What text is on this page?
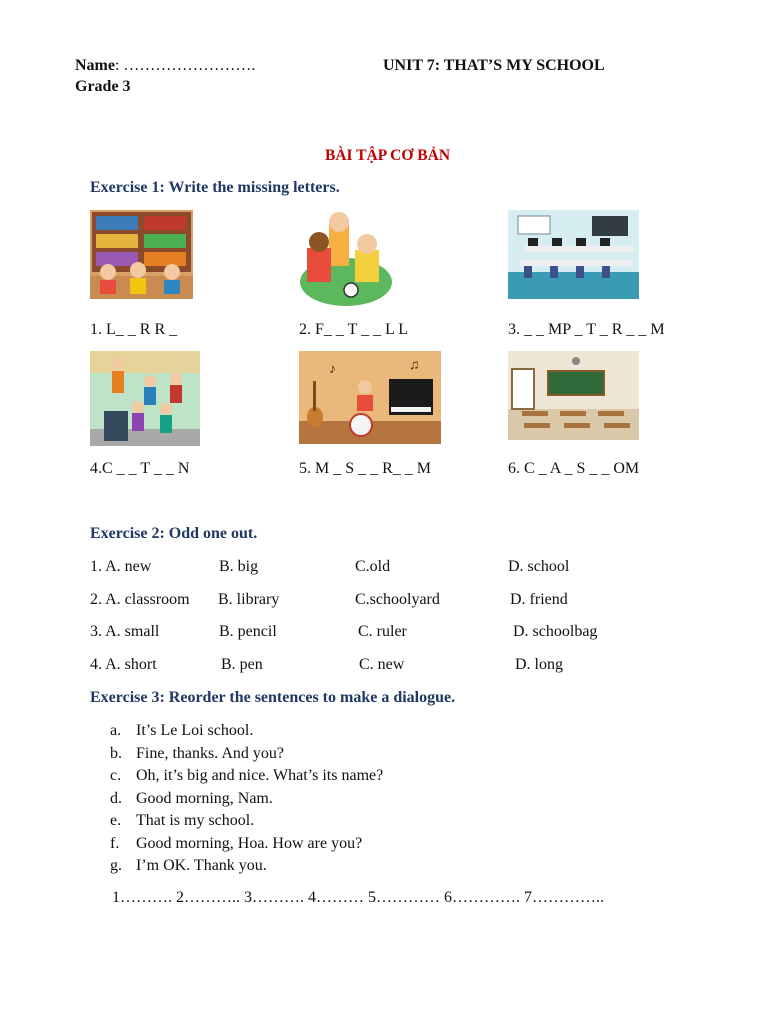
Name: …………………….
Grade 3
UNIT 7: THAT’S MY SCHOOL
BÀI TẬP CƠ BẢN
Exercise 1: Write the missing letters.
1. L_ _ R R _	2. F_ _ T _ _ L L	3. _ _ MP _ T _ R _ _ M
♪	♫
4.C _ _ T _ _ N	5. M _ S _ _ R_ _ M	6. C _ A _ S _ _ OM
Exercise 2: Odd one out.
1. A. new	B. big	C.old	D. school
2. A. classroom B. library	C.schoolyard	D. friend
3. A. small	B. pencil	C. ruler	D. schoolbag
4. A. short	B. pen	C. new	D. long
Exercise 3: Reorder the sentences to make a dialogue.
a. It’s Le Loi school.
b. Fine, thanks. And you?
c. Oh, it’s big and nice. What’s its name?
d. Good morning, Nam.
e. That is my school.
f.	Good morning, Hoa. How are you?
g. I’m OK. Thank you.
1………. 2……….. 3………. 4……… 5………… 6…………. 7…………..
